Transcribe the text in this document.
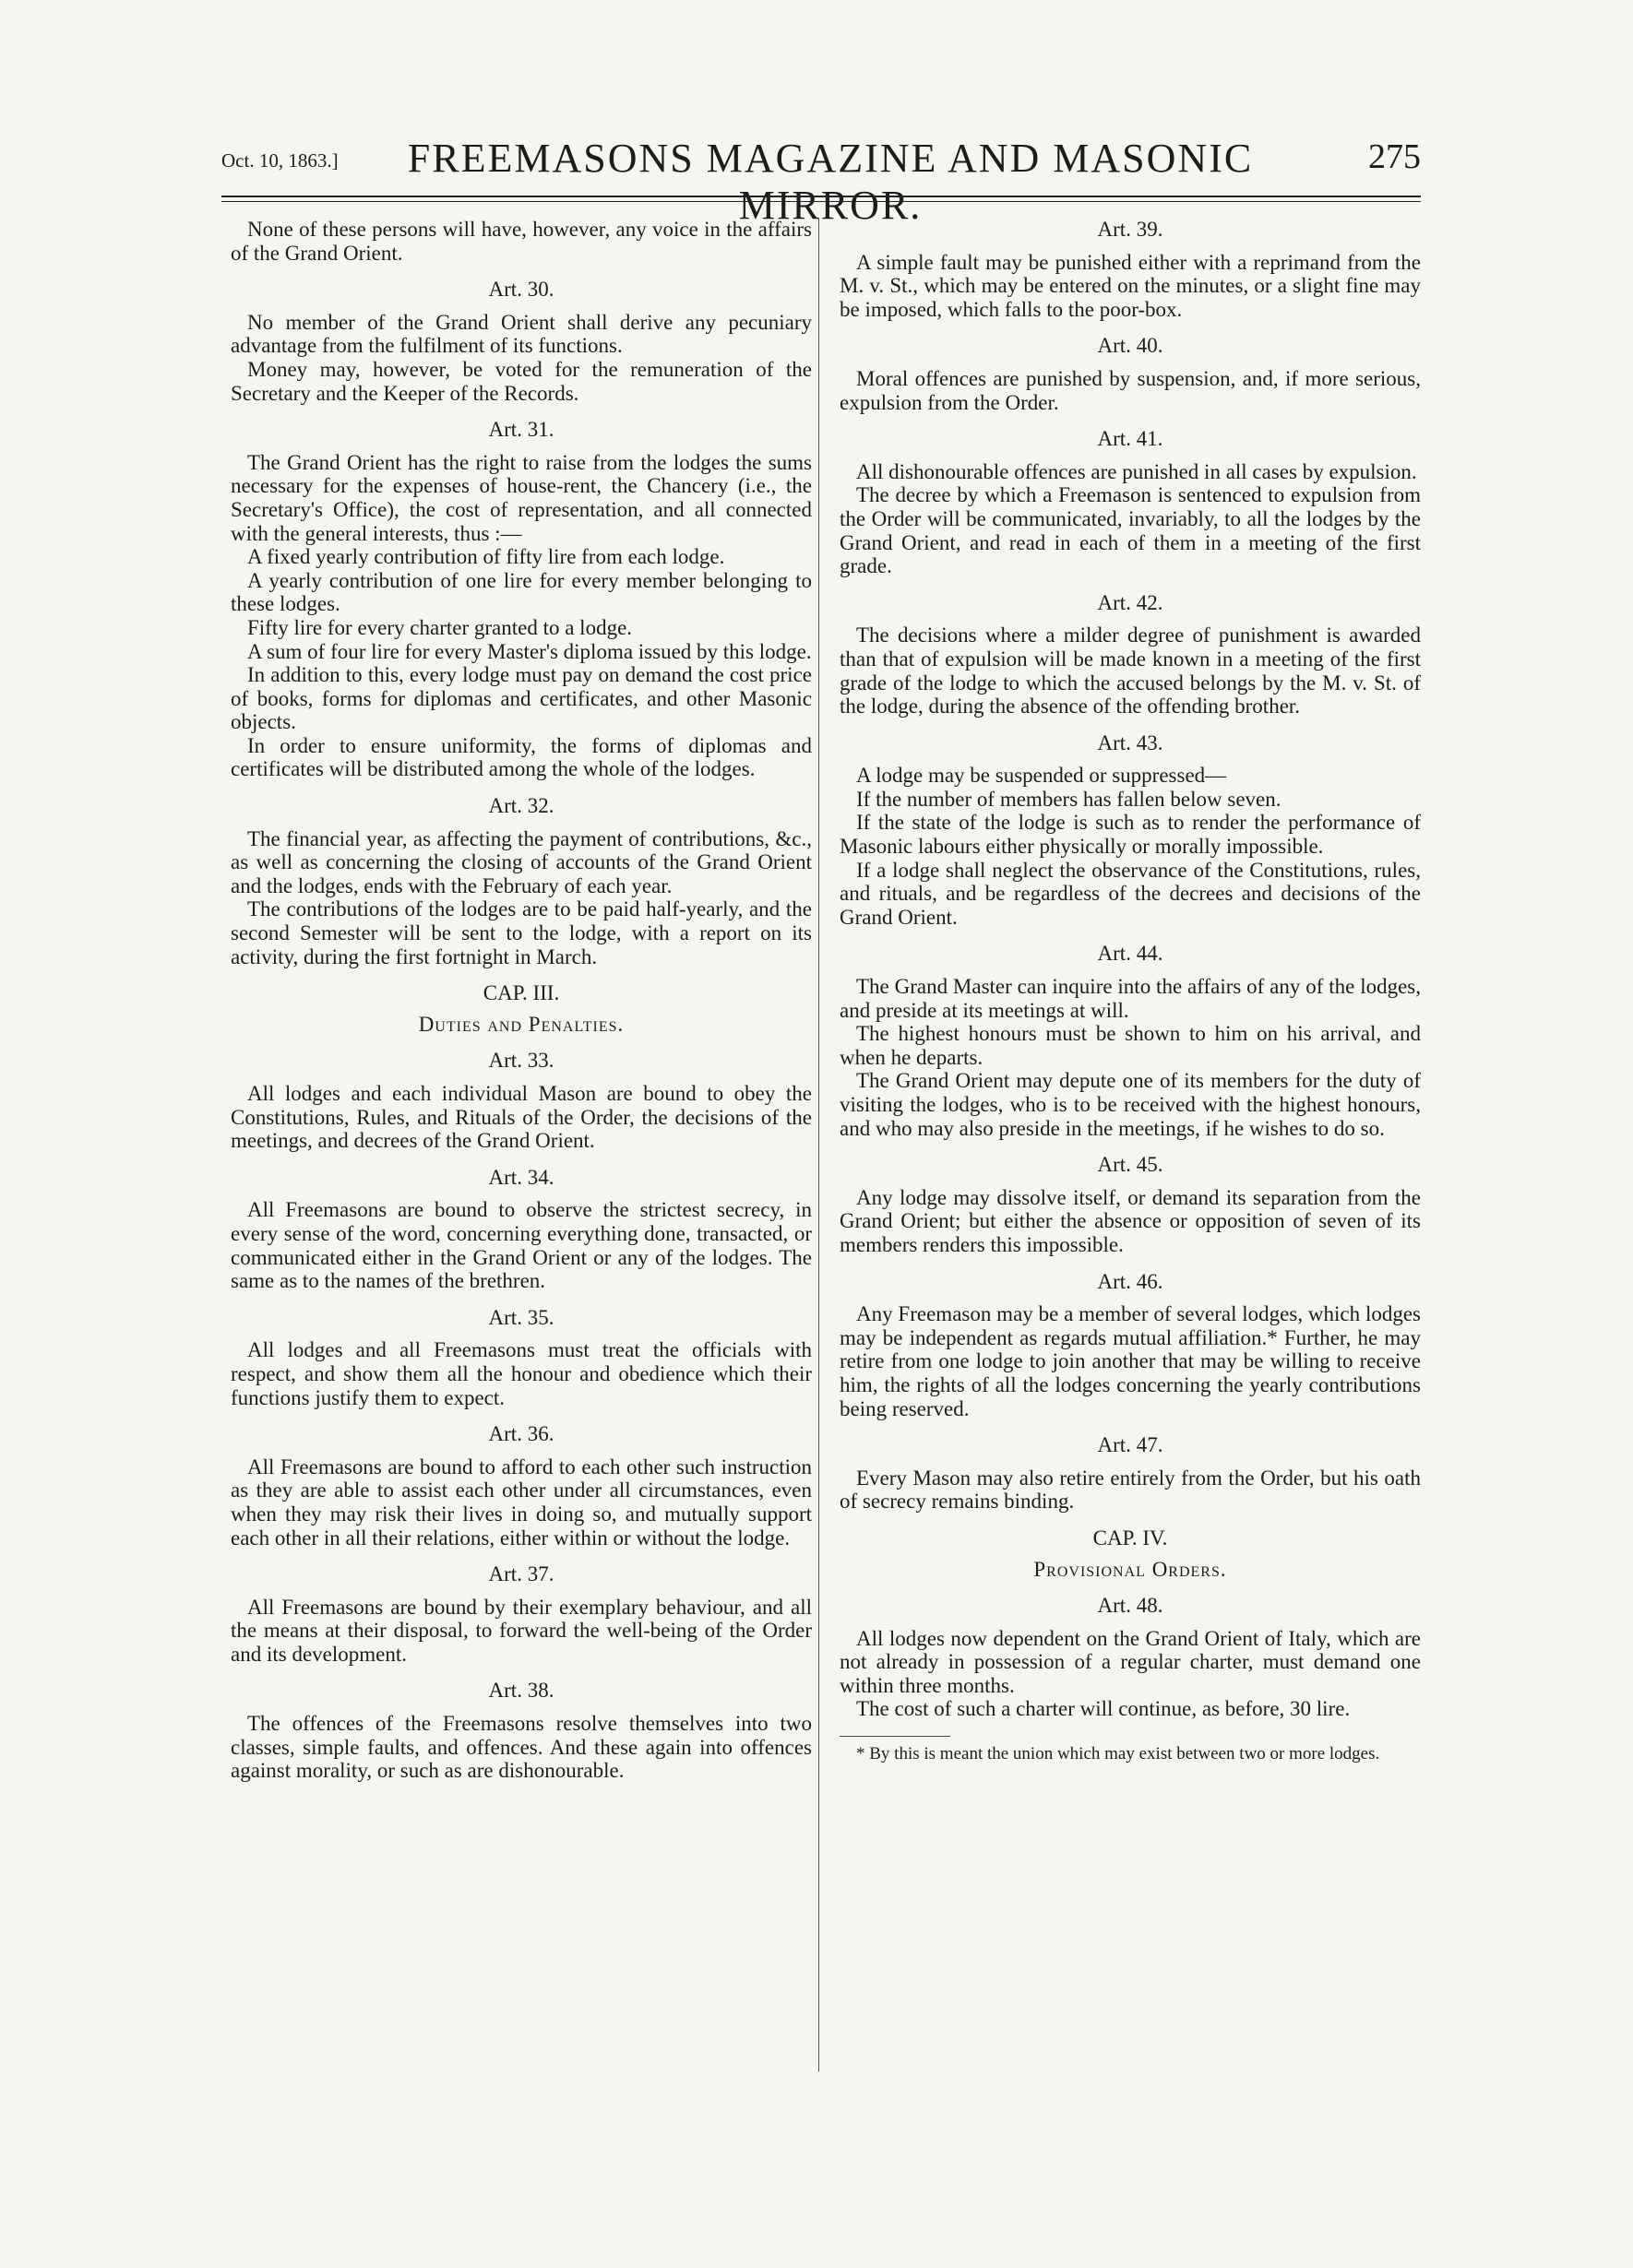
Oct. 10, 1863.]	FREEMASONS MAGAZINE AND MASONIC MIRROR.
275

None of these persons will have, however, any voice in the affairs of the Grand Orient.

Art. 30.

No member of the Grand Orient shall derive any pecuniary advantage from the fulfilment of its functions.

Money may, however, be voted for the remuneration of the Secretary and the Keeper of the Records.

Art. 31.

The Grand Orient has the right to raise from the lodges the sums necessary for the expenses of house-rent, the Chancery (i.e., the Secretary's Office), the cost of representation, and all connected with the general interests, thus :—

A fixed yearly contribution of fifty lire from each lodge.

A yearly contribution of one lire for every member belonging to these lodges.

Fifty lire for every charter granted to a lodge.

A sum of four lire for every Master's diploma issued by this lodge.

In addition to this, every lodge must pay on demand the cost price of books, forms for diplomas and certificates, and other Masonic objects.

In order to ensure uniformity, the forms of diplomas and certificates will be distributed among the whole of the lodges.

Art. 32.

The financial year, as affecting the payment of contributions, &c., as well as concerning the closing of accounts of the Grand Orient and the lodges, ends with the February of each year.

The contributions of the lodges are to be paid half-yearly, and the second Semester will be sent to the lodge, with a report on its activity, during the first fortnight in March.

CAP. III.

Duties and Penalties.

Art. 33.

All lodges and each individual Mason are bound to obey the Constitutions, Rules, and Rituals of the Order, the decisions of the meetings, and decrees of the Grand Orient.

Art. 34.

All Freemasons are bound to observe the strictest secrecy, in every sense of the word, concerning everything done, transacted, or communicated either in the Grand Orient or any of the lodges. The same as to the names of the brethren.

Art. 35.

All lodges and all Freemasons must treat the officials with respect, and show them all the honour and obedience which their functions justify them to expect.

Art. 36.

All Freemasons are bound to afford to each other such instruction as they are able to assist each other under all circumstances, even when they may risk their lives in doing so, and mutually support each other in all their relations, either within or without the lodge.

Art. 37.

All Freemasons are bound by their exemplary behaviour, and all the means at their disposal, to forward the well-being of the Order and its development.

Art. 38.

The offences of the Freemasons resolve themselves into two classes, simple faults, and offences. And these again into offences against morality, or such as are dishonourable.

Art. 39.

A simple fault may be punished either with a reprimand from the M. v. St., which may be entered on the minutes, or a slight fine may be imposed, which falls to the poor-box.

Art. 40.

Moral offences are punished by suspension, and, if more serious, expulsion from the Order.

Art. 41.

All dishonourable offences are punished in all cases by expulsion.

The decree by which a Freemason is sentenced to expulsion from the Order will be communicated, invariably, to all the lodges by the Grand Orient, and read in each of them in a meeting of the first grade.

Art. 42.

The decisions where a milder degree of punishment is awarded than that of expulsion will be made known in a meeting of the first grade of the lodge to which the accused belongs by the M. v. St. of the lodge, during the absence of the offending brother.

Art. 43.

A lodge may be suspended or suppressed—

If the number of members has fallen below seven.

If the state of the lodge is such as to render the performance of Masonic labours either physically or morally impossible.

If a lodge shall neglect the observance of the Constitutions, rules, and rituals, and be regardless of the decrees and decisions of the Grand Orient.

Art. 44.

The Grand Master can inquire into the affairs of any of the lodges, and preside at its meetings at will.

The highest honours must be shown to him on his arrival, and when he departs.

The Grand Orient may depute one of its members for the duty of visiting the lodges, who is to be received with the highest honours, and who may also preside in the meetings, if he wishes to do so.

Art. 45.

Any lodge may dissolve itself, or demand its separation from the Grand Orient; but either the absence or opposition of seven of its members renders this impossible.

Art. 46.

Any Freemason may be a member of several lodges, which lodges may be independent as regards mutual affiliation.* Further, he may retire from one lodge to join another that may be willing to receive him, the rights of all the lodges concerning the yearly contributions being reserved.

Art. 47.

Every Mason may also retire entirely from the Order, but his oath of secrecy remains binding.

CAP. IV.

Provisional Orders.

Art. 48.

All lodges now dependent on the Grand Orient of Italy, which are not already in possession of a regular charter, must demand one within three months.

The cost of such a charter will continue, as before, 30 lire.

* By this is meant the union which may exist between two or more lodges.
